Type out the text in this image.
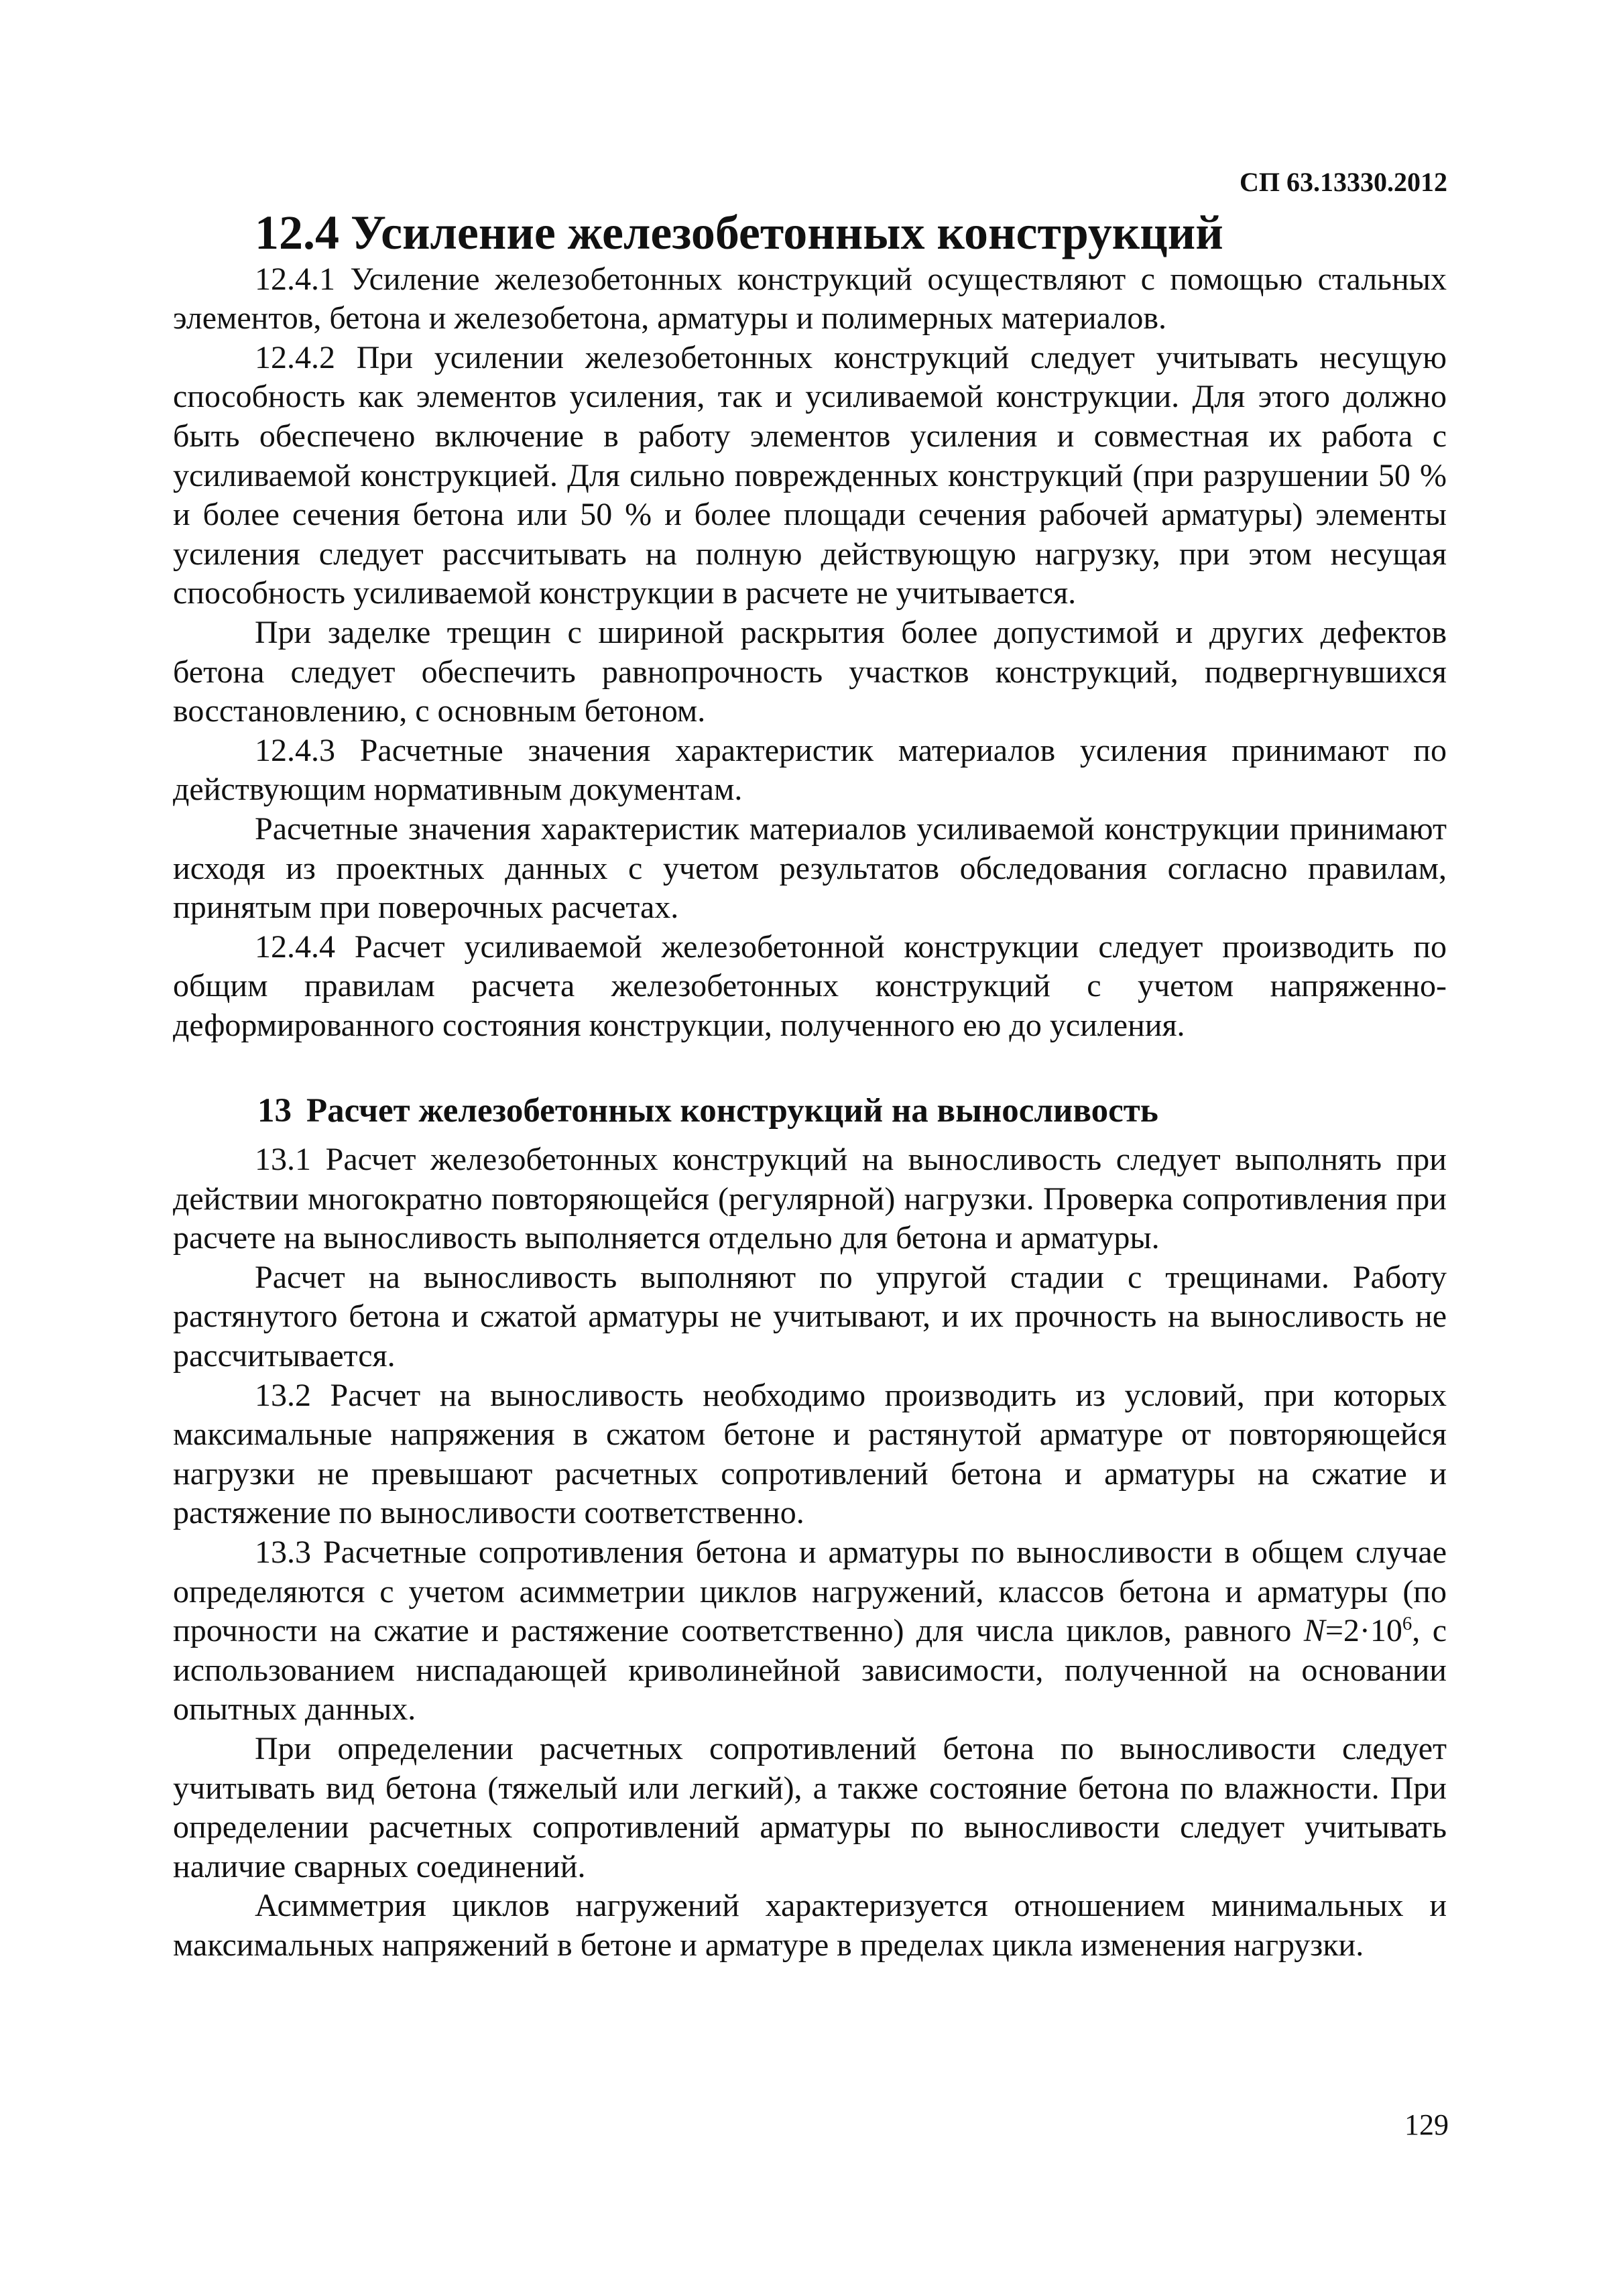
СП 63.13330.2012

12.4 Усиление железобетонных конструкций

12.4.1 Усиление железобетонных конструкций осуществляют с помощью стальных элементов, бетона и железобетона, арматуры и полимерных материалов.

12.4.2 При усилении железобетонных конструкций следует учитывать несущую способность как элементов усиления, так и усиливаемой конструкции. Для этого должно быть обеспечено включение в работу элементов усиления и совместная их работа с усиливаемой конструкцией. Для сильно поврежденных конструкций (при разрушении 50 % и более сечения бетона или 50 % и более площади сечения рабочей арматуры) элементы усиления следует рассчитывать на полную действующую нагрузку, при этом несущая способность усиливаемой конструкции в расчете не учитывается.

При заделке трещин с шириной раскрытия более допустимой и других дефектов бетона следует обеспечить равнопрочность участков конструкций, подвергнувшихся восстановлению, с основным бетоном.

12.4.3 Расчетные значения характеристик материалов усиления принимают по действующим нормативным документам.

Расчетные значения характеристик материалов усиливаемой конструкции принимают исходя из проектных данных с учетом результатов обследования согласно правилам, принятым при поверочных расчетах.

12.4.4 Расчет усиливаемой железобетонной конструкции следует производить по общим правилам расчета железобетонных конструкций с учетом напряженно-деформированного состояния конструкции, полученного ею до усиления.

13 Расчет железобетонных конструкций на выносливость

13.1 Расчет железобетонных конструкций на выносливость следует выполнять при действии многократно повторяющейся (регулярной) нагрузки. Проверка сопротивления при расчете на выносливость выполняется отдельно для бетона и арматуры.

Расчет на выносливость выполняют по упругой стадии с трещинами. Работу растянутого бетона и сжатой арматуры не учитывают, и их прочность на выносливость не рассчитывается.

13.2 Расчет на выносливость необходимо производить из условий, при которых максимальные напряжения в сжатом бетоне и растянутой арматуре от повторяющейся нагрузки не превышают расчетных сопротивлений бетона и арматуры на сжатие и растяжение по выносливости соответственно.

13.3 Расчетные сопротивления бетона и арматуры по выносливости в общем случае определяются с учетом асимметрии циклов нагружений, классов бетона и арматуры (по прочности на сжатие и растяжение соответственно) для числа циклов, равного $N=2\cdot 10^6$, с использованием ниспадающей криволинейной зависимости, полученной на основании опытных данных.

При определении расчетных сопротивлений бетона по выносливости следует учитывать вид бетона (тяжелый или легкий), а также состояние бетона по влажности. При определении расчетных сопротивлений арматуры по выносливости следует учитывать наличие сварных соединений.

Асимметрия циклов нагружений характеризуется отношением минимальных и максимальных напряжений в бетоне и арматуре в пределах цикла изменения нагрузки.

129
